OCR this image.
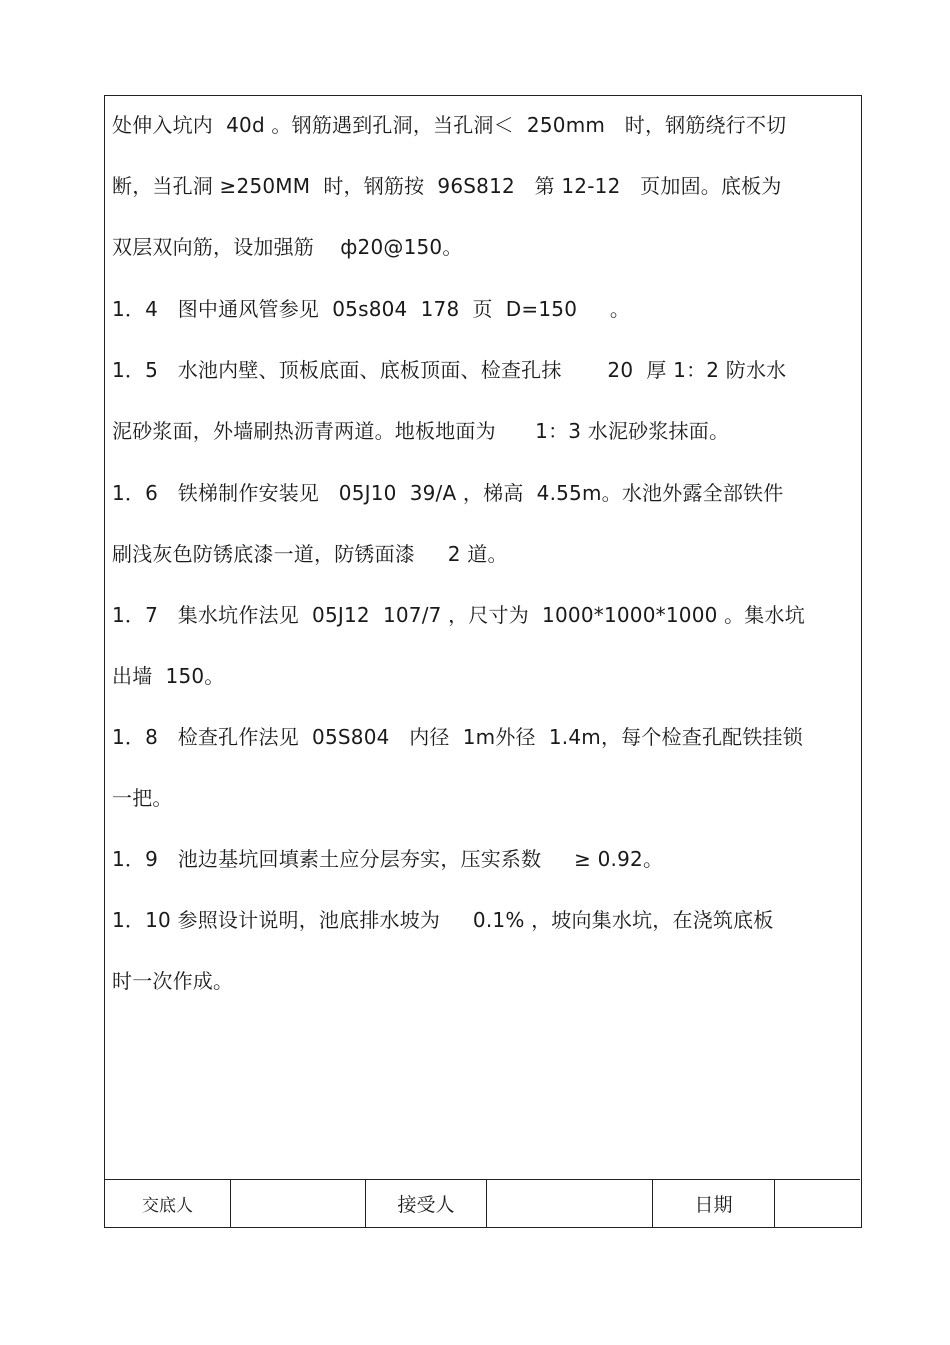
处伸入坑内  40d 。钢筋遇到孔洞，当孔洞＜  250mm   时，钢筋绕行不切
断，当孔洞 ≥250MM  时，钢筋按  96S812   第 12-12   页加固。底板为
双层双向筋，设加强筋    ф20@150。
1．4   图中通风管参见  05s804  178  页  D=150     。
1．5   水池内壁、顶板底面、底板顶面、检查孔抹       20  厚 1：2 防水水
泥砂浆面，外墙刷热沥青两道。地板地面为      1：3 水泥砂浆抹面。
1．6   铁梯制作安装见   05J10  39/A ，梯高  4.55m。水池外露全部铁件
刷浅灰色防锈底漆一道，防锈面漆     2 道。
1．7   集水坑作法见  05J12  107/7 ，尺寸为  1000*1000*1000 。集水坑
出墙  150。
1．8   检查孔作法见  05S804   内径  1m外径  1.4m，每个检查孔配铁挂锁
一把。
1．9   池边基坑回填素土应分层夯实，压实系数     ≥ 0.92。
1．10 参照设计说明，池底排水坡为     0.1% ，坡向集水坑，在浇筑底板
时一次作成。
交底人	接受人	日期
